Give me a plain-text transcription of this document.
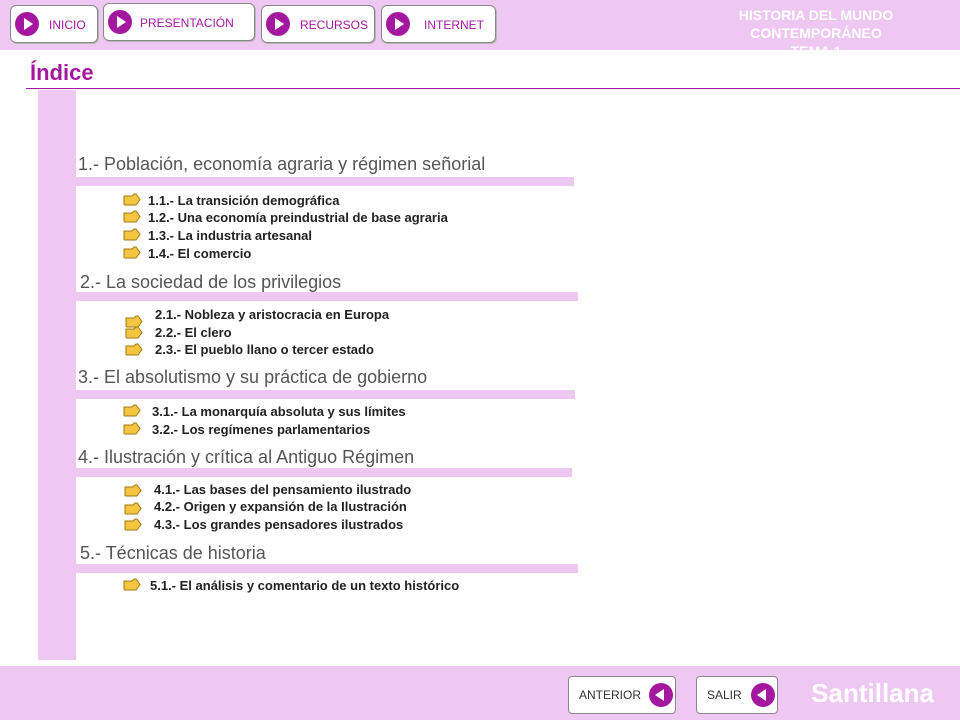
INICIO	PRESENTACIÓN	RECURSOS	INTERNET
HISTORIA DEL MUNDO CONTEMPORÁNEO
TEMA 1
Índice
1.- Población, economía agraria y régimen señorial
1.1.- La transición demográfica
1.2.- Una economía preindustrial de base agraria
1.3.- La industria artesanal
1.4.- El comercio
2.- La sociedad de los privilegios
2.1.- Nobleza y aristocracia en Europa
2.2.- El clero
2.3.- El pueblo llano o tercer estado
3.- El absolutismo y su práctica de gobierno
3.1.- La monarquía absoluta y sus límites
3.2.- Los regímenes parlamentarios
4.- Ilustración y crítica al Antiguo Régimen
4.1.- Las bases del pensamiento ilustrado
4.2.- Origen y expansión de la Ilustración
4.3.- Los grandes pensadores ilustrados
5.- Técnicas de historia
5.1.- El análisis y comentario de un texto histórico
ANTERIOR	SALIR	Santillana
